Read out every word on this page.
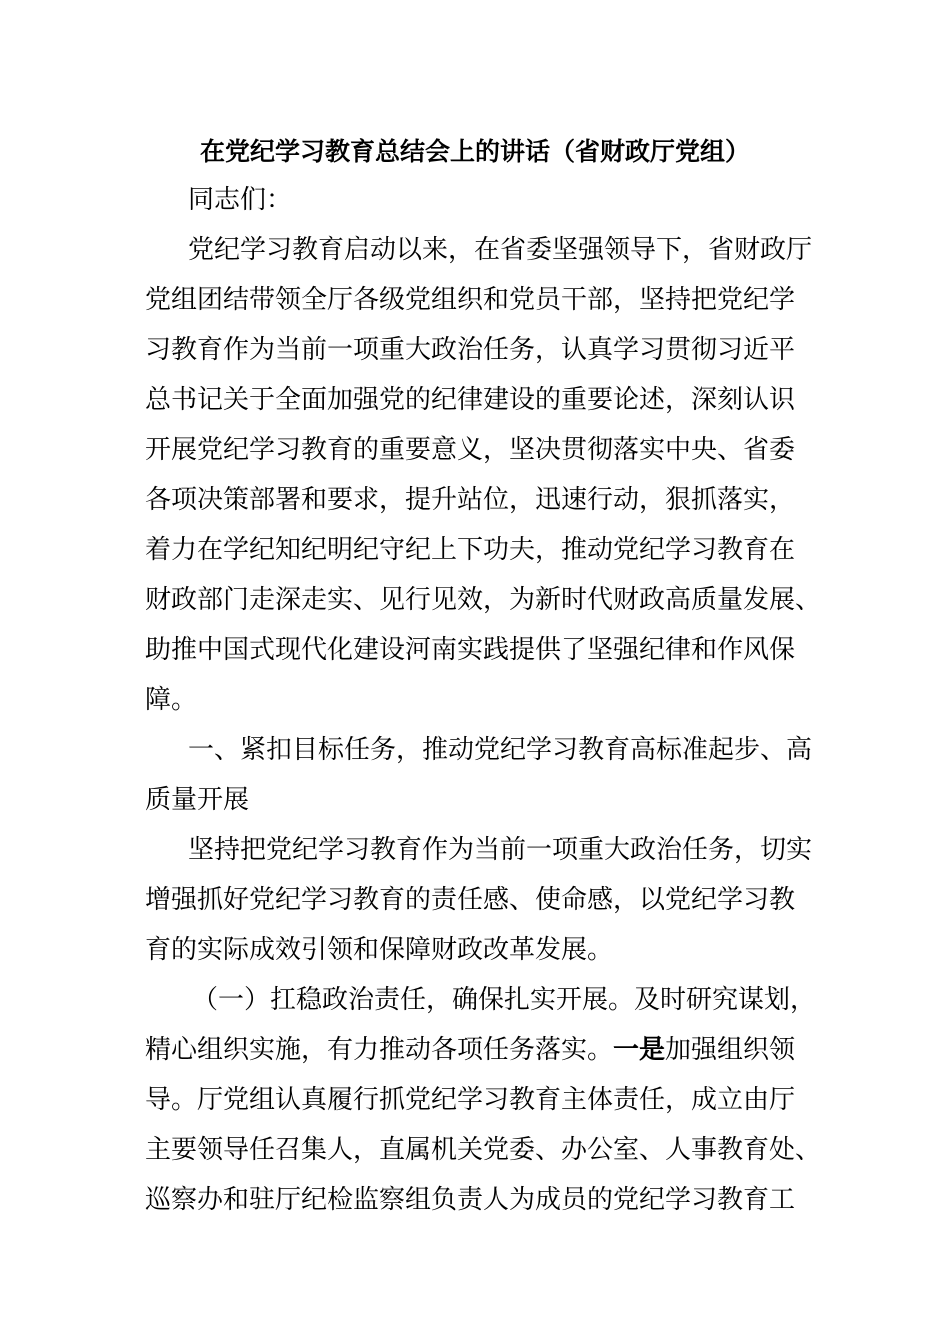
在党纪学习教育总结会上的讲话（省财政厅党组）
同志们：
党纪学习教育启动以来，在省委坚强领导下，省财政厅
党组团结带领全厅各级党组织和党员干部，坚持把党纪学
习教育作为当前一项重大政治任务，认真学习贯彻习近平
总书记关于全面加强党的纪律建设的重要论述，深刻认识
开展党纪学习教育的重要意义，坚决贯彻落实中央、省委
各项决策部署和要求，提升站位，迅速行动，狠抓落实，
着力在学纪知纪明纪守纪上下功夫，推动党纪学习教育在
财政部门走深走实、见行见效，为新时代财政高质量发展、
助推中国式现代化建设河南实践提供了坚强纪律和作风保
障。
一、紧扣目标任务，推动党纪学习教育高标准起步、高
质量开展
坚持把党纪学习教育作为当前一项重大政治任务，切实
增强抓好党纪学习教育的责任感、使命感，以党纪学习教
育的实际成效引领和保障财政改革发展。
（一）扛稳政治责任，确保扎实开展。及时研究谋划，
精心组织实施，有力推动各项任务落实。一是加强组织领
导。厅党组认真履行抓党纪学习教育主体责任，成立由厅
主要领导任召集人，直属机关党委、办公室、人事教育处、
巡察办和驻厅纪检监察组负责人为成员的党纪学习教育工
